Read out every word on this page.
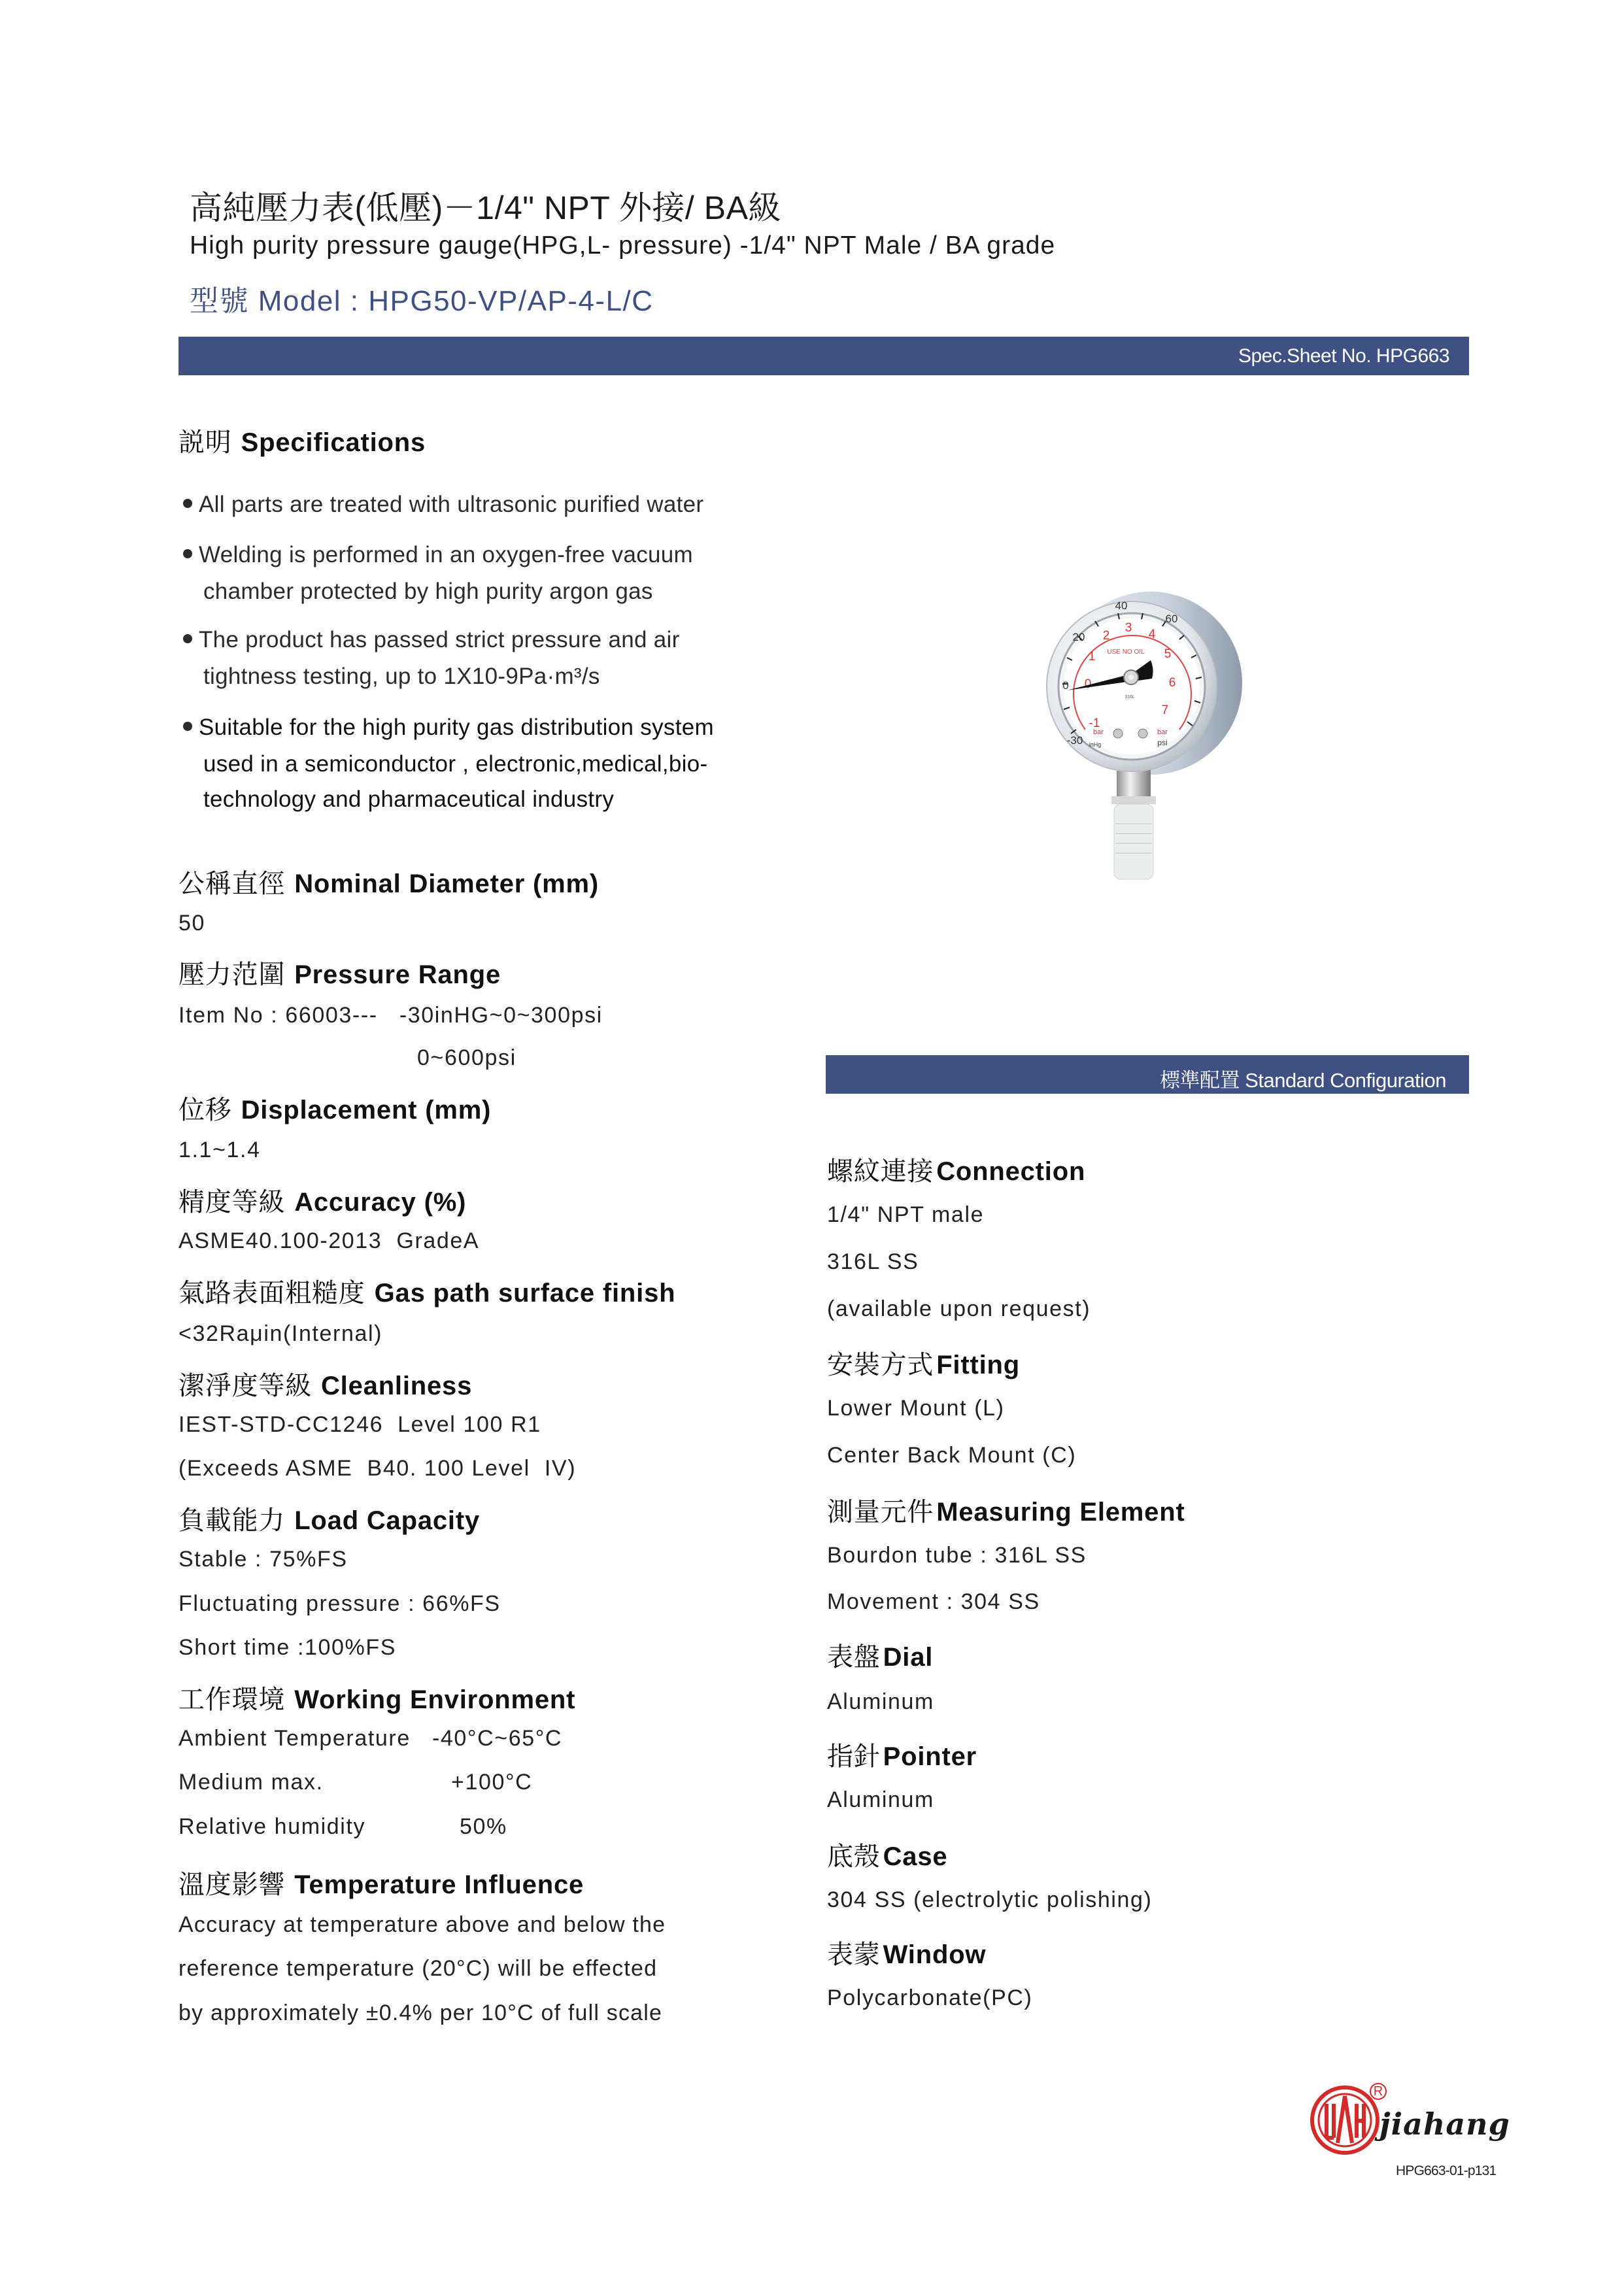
高純壓力表(低壓)－1/4" NPT 外接/ BA級
High purity pressure gauge(HPG,L- pressure) -1/4" NPT Male / BA grade
型號 Model : HPG50-VP/AP-4-L/C
Spec.Sheet No. HPG663
説明 Specifications
All parts are treated with ultrasonic purified water
Welding is performed in an oxygen-free vacuum
chamber protected by high purity argon gas
The product has passed strict pressure and air
tightness testing, up to 1X10-9Pa·m³/s
Suitable for the high purity gas distribution system
used in a semiconductor , electronic,medical,bio-
technology and pharmaceutical industry
公稱直徑 Nominal Diameter (mm)
50
壓力范圍 Pressure Range
Item No : 66003---   -30inHG~0~300psi
0~600psi
位移 Displacement (mm)
1.1~1.4
精度等級 Accuracy (%)
ASME40.100-2013  GradeA
氣路表面粗糙度 Gas path surface finish
<32Raμin(Internal)
潔淨度等級 Cleanliness
IEST-STD-CC1246  Level 100 R1
(Exceeds ASME  B40. 100 Level  IV)
負載能力 Load Capacity
Stable : 75%FS
Fluctuating pressure : 66%FS
Short time :100%FS
工作環境 Working Environment
Ambient Temperature   -40°C~65°C
Medium max.	+100°C
Relative humidity	50%
溫度影響 Temperature Influence
Accuracy at temperature above and below the
reference temperature (20°C) will be effected
by approximately ±0.4% per 10°C of full scale
-30
0
20
40
60
-1
0
1
2
3 4
5
6
7
USE NO OIL
316L
bar	bar
inHg	psi
標準配置 Standard Configuration
螺紋連接 Connection
1/4" NPT male
316L SS
(available upon request)
安裝方式 Fitting
Lower Mount (L)
Center Back Mount (C)
測量元件 Measuring Element
Bourdon tube : 316L SS
Movement : 304 SS
表盤 Dial
Aluminum
指針 Pointer
Aluminum
底殼 Case
304 SS (electrolytic polishing)
表蒙 Window
Polycarbonate(PC)
R
jiahang
HPG663-01-p131
